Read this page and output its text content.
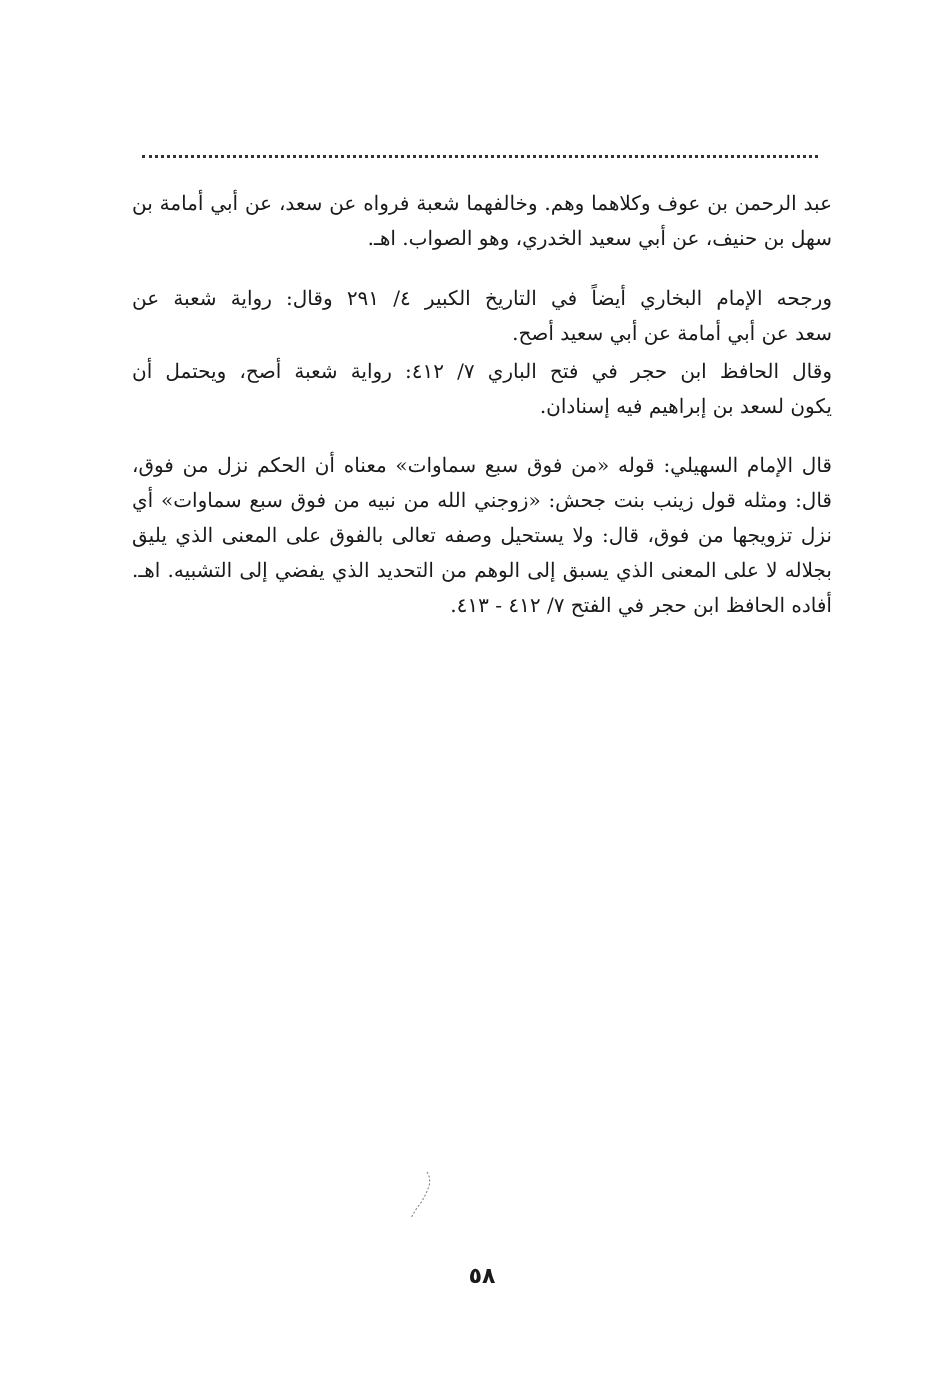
عبد الرحمن بن عوف وكلاهما وهم. وخالفهما شعبة فرواه عن سعد، عن أبي أمامة بن
سهل بن حنيف، عن أبي سعيد الخدري، وهو الصواب. اهـ.
ورجحه الإمام البخاري أيضاً في التاريخ الكبير ٤/ ٢٩١ وقال: رواية شعبة عن
سعد عن أبي أمامة عن أبي سعيد أصح.
وقال الحافظ ابن حجر في فتح الباري ٧/ ٤١٢: رواية شعبة أصح، ويحتمل أن
يكون لسعد بن إبراهيم فيه إسنادان.
قال الإمام السهيلي: قوله «من فوق سبع سماوات» معناه أن الحكم نزل من فوق،
قال: ومثله قول زينب بنت جحش: «زوجني الله من نبيه من فوق سبع سماوات» أي
نزل تزويجها من فوق، قال: ولا يستحيل وصفه تعالى بالفوق على المعنى الذي يليق
بجلاله لا على المعنى الذي يسبق إلى الوهم من التحديد الذي يفضي إلى التشبيه. اهـ.
أفاده الحافظ ابن حجر في الفتح ٧/ ٤١٢ - ٤١٣.
٥٨
